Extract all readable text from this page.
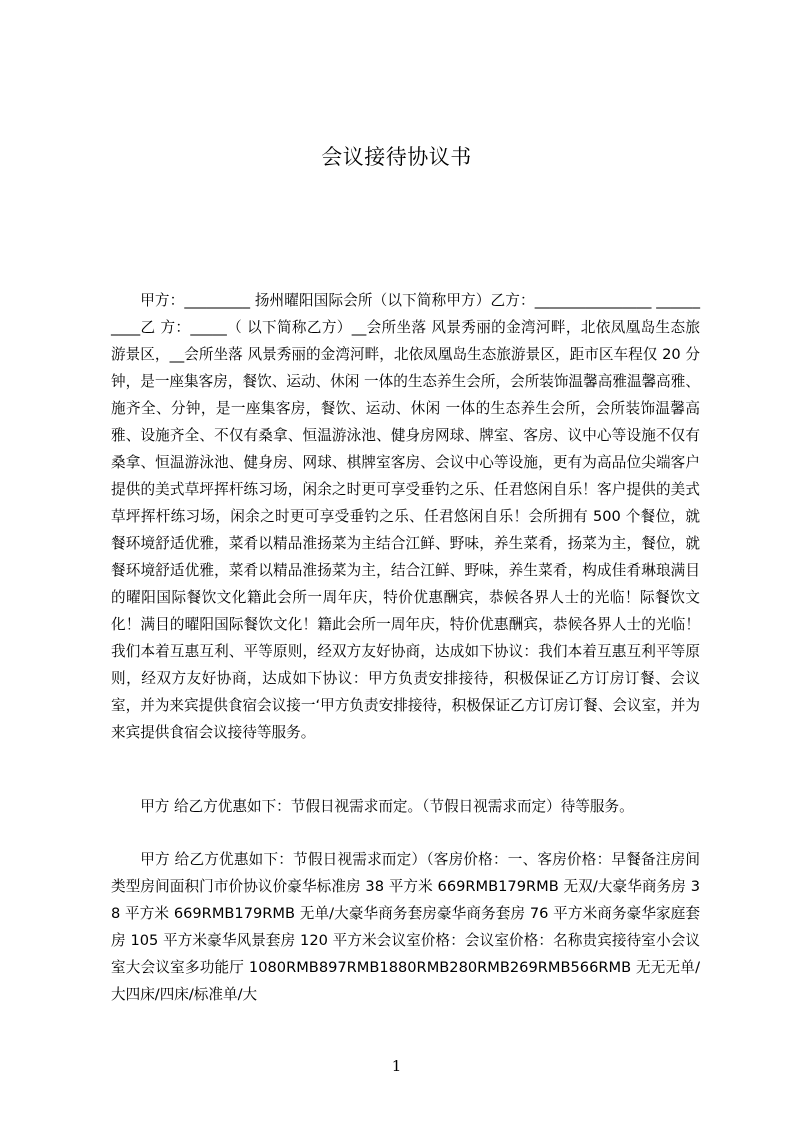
会议接待协议书

甲方：_________ 扬州曜阳国际会所（以下简称甲方）乙方：________________ __________乙 方：_____（ 以下简称乙方）__会所坐落 风景秀丽的金湾河畔，北依凤凰岛生态旅游景区，__会所坐落 风景秀丽的金湾河畔，北依凤凰岛生态旅游景区，距市区车程仅 20 分钟，是一座集客房，餐饮、运动、休闲 一体的生态养生会所，会所装饰温馨高雅温馨高雅、施齐全、分钟，是一座集客房，餐饮、运动、休闲 一体的生态养生会所，会所装饰温馨高雅、设施齐全、不仅有桑拿、恒温游泳池、健身房网球、牌室、客房、议中心等设施不仅有桑拿、恒温游泳池、健身房、网球、棋牌室客房、会议中心等设施，更有为高品位尖端客户提供的美式草坪挥杆练习场，闲余之时更可享受垂钓之乐、任君悠闲自乐！客户提供的美式草坪挥杆练习场，闲余之时更可享受垂钓之乐、任君悠闲自乐！会所拥有 500 个餐位，就餐环境舒适优雅，菜肴以精品淮扬菜为主结合江鲜、野味，养生菜肴，扬菜为主，餐位，就餐环境舒适优雅，菜肴以精品淮扬菜为主，结合江鲜、野味，养生菜肴，构成佳肴琳琅满目的曜阳国际餐饮文化籍此会所一周年庆，特价优惠酬宾，恭候各界人士的光临！际餐饮文化！满目的曜阳国际餐饮文化！籍此会所一周年庆，特价优惠酬宾，恭候各界人士的光临！我们本着互惠互利、平等原则，经双方友好协商，达成如下协议：我们本着互惠互利平等原则，经双方友好协商，达成如下协议：甲方负责安排接待，积极保证乙方订房订餐、会议室，并为来宾提供食宿会议接一‘甲方负责安排接待，积极保证乙方订房订餐、会议室，并为来宾提供食宿会议接待等服务。

甲方 给乙方优惠如下：节假日视需求而定。（节假日视需求而定）待等服务。

甲方 给乙方优惠如下：节假日视需求而定）（客房价格：一、客房价格：早餐备注房间类型房间面积门市价协议价豪华标准房 38 平方米 669RMB179RMB 无双/大豪华商务房 38 平方米 669RMB179RMB 无单/大豪华商务套房豪华商务套房 76 平方米商务豪华家庭套房 105 平方米豪华风景套房 120 平方米会议室价格：会议室价格：名称贵宾接待室小会议室大会议室多功能厅 1080RMB897RMB1880RMB280RMB269RMB566RMB 无无无单/大四床/四床/标准单/大

1
